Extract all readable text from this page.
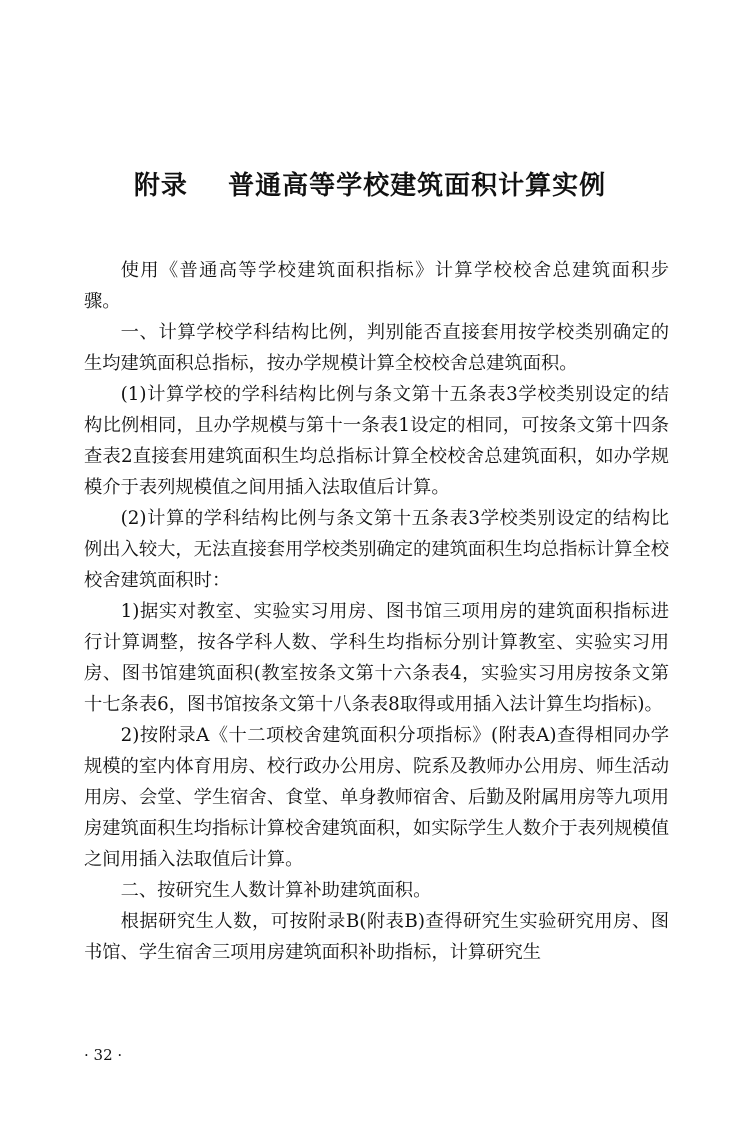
附录    普通高等学校建筑面积计算实例

使用《普通高等学校建筑面积指标》计算学校校舍总建筑面积步骤。

一、计算学校学科结构比例，判别能否直接套用按学校类别确定的生均建筑面积总指标，按办学规模计算全校校舍总建筑面积。

(1)计算学校的学科结构比例与条文第十五条表3学校类别设定的结构比例相同，且办学规模与第十一条表1设定的相同，可按条文第十四条查表2直接套用建筑面积生均总指标计算全校校舍总建筑面积，如办学规模介于表列规模值之间用插入法取值后计算。

(2)计算的学科结构比例与条文第十五条表3学校类别设定的结构比例出入较大，无法直接套用学校类别确定的建筑面积生均总指标计算全校校舍建筑面积时：

1)据实对教室、实验实习用房、图书馆三项用房的建筑面积指标进行计算调整，按各学科人数、学科生均指标分别计算教室、实验实习用房、图书馆建筑面积(教室按条文第十六条表4，实验实习用房按条文第十七条表6，图书馆按条文第十八条表8取得或用插入法计算生均指标)。

2)按附录A《十二项校舍建筑面积分项指标》(附表A)查得相同办学规模的室内体育用房、校行政办公用房、院系及教师办公用房、师生活动用房、会堂、学生宿舍、食堂、单身教师宿舍、后勤及附属用房等九项用房建筑面积生均指标计算校舍建筑面积，如实际学生人数介于表列规模值之间用插入法取值后计算。

二、按研究生人数计算补助建筑面积。

根据研究生人数，可按附录B(附表B)查得研究生实验研究用房、图书馆、学生宿舍三项用房建筑面积补助指标，计算研究生

· 32 ·
